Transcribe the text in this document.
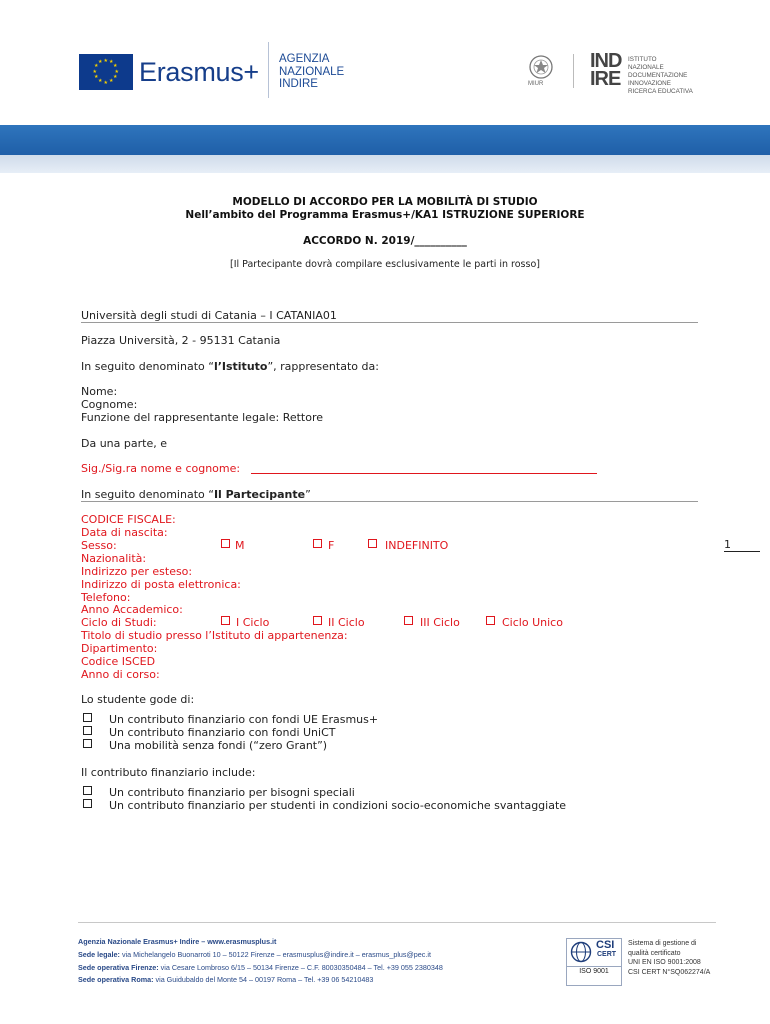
★ ★
★
★
★
★
★
★
★
★
★
★ Erasmus+ AGENZIA
NAZIONALE
INDIRE	MIUR
IND
IRE
ISTITUTO
NAZIONALE
DOCUMENTAZIONE
INNOVAZIONE
RICERCA EDUCATIVA
MODELLO DI ACCORDO PER LA MOBILITÀ DI STUDIO
Nell’ambito del Programma Erasmus+/KA1 ISTRUZIONE SUPERIORE
ACCORDO N. 2019/__________
[Il Partecipante dovrà compilare esclusivamente le parti in rosso]
Università degli studi di Catania – I CATANIA01
Piazza Università, 2 - 95131 Catania
In seguito denominato “l’Istituto”, rappresentato da:
Nome:
Cognome:
Funzione del rappresentante legale: Rettore
Da una parte, e
Sig./Sig.ra nome e cognome:
In seguito denominato “Il Partecipante”
CODICE FISCALE:
Data di nascita:
Sesso:	M	F	INDEFINITO
Nazionalità:
Indirizzo per esteso:
Indirizzo di posta elettronica:
Telefono:
Anno Accademico:
Ciclo di Studi:	I Ciclo	II Ciclo	III Ciclo	Ciclo Unico
Titolo di studio presso l’Istituto di appartenenza:
Dipartimento:
Codice ISCED
Anno di corso:
1
Lo studente gode di:
Un contributo finanziario con fondi UE Erasmus+
Un contributo finanziario con fondi UniCT
Una mobilità senza fondi (“zero Grant”)
Il contributo finanziario include:
Un contributo finanziario per bisogni speciali
Un contributo finanziario per studenti in condizioni socio-economiche svantaggiate
Agenzia Nazionale Erasmus+ Indire – www.erasmusplus.it
Sede legale: via Michelangelo Buonarroti 10 – 50122 Firenze – erasmusplus@indire.it – erasmus_plus@pec.it
Sede operativa Firenze: via Cesare Lombroso 6/15 – 50134 Firenze – C.F. 80030350484 – Tel. +39 055 2380348
Sede operativa Roma: via Guidubaldo del Monte 54 – 00197 Roma – Tel. +39 06 54210483
CSI
CERT
ISO 9001
Sistema di gestione di
qualità certificato
UNI EN ISO 9001:2008
CSI CERT N°SQ062274/A
